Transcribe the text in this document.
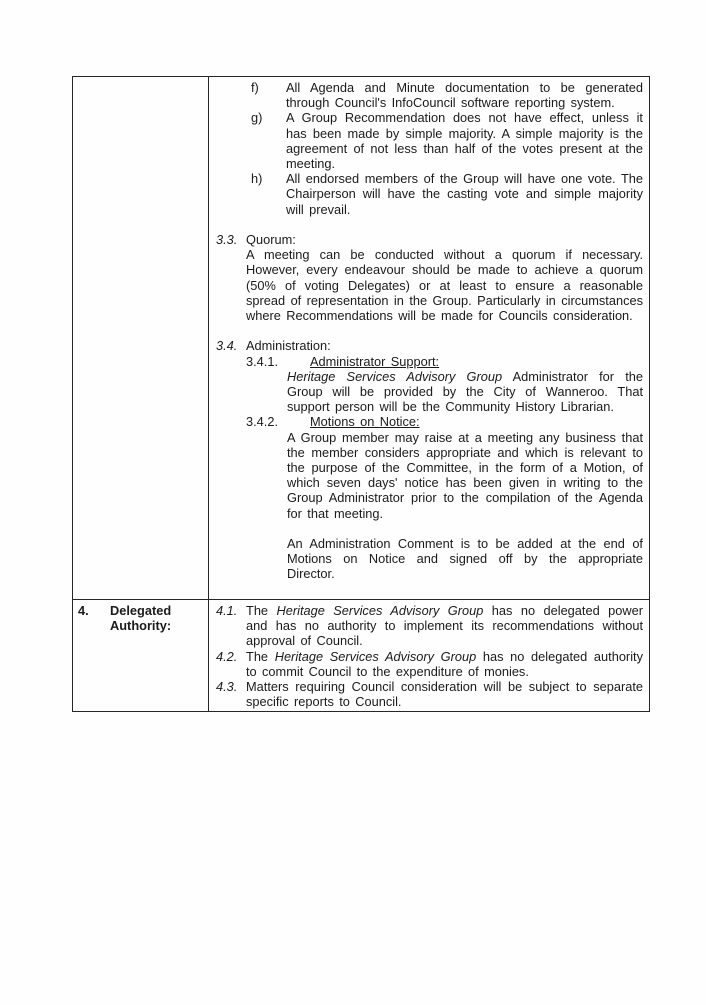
f) All Agenda and Minute documentation to be generated through Council's InfoCouncil software reporting system.
g) A Group Recommendation does not have effect, unless it has been made by simple majority. A simple majority is the agreement of not less than half of the votes present at the meeting.
h) All endorsed members of the Group will have one vote. The Chairperson will have the casting vote and simple majority will prevail.
3.3. Quorum:
A meeting can be conducted without a quorum if necessary. However, every endeavour should be made to achieve a quorum (50% of voting Delegates) or at least to ensure a reasonable spread of representation in the Group. Particularly in circumstances where Recommendations will be made for Councils consideration.
3.4. Administration:
3.4.1. Administrator Support:
Heritage Services Advisory Group Administrator for the Group will be provided by the City of Wanneroo. That support person will be the Community History Librarian.
3.4.2. Motions on Notice:
A Group member may raise at a meeting any business that the member considers appropriate and which is relevant to the purpose of the Committee, in the form of a Motion, of which seven days' notice has been given in writing to the Group Administrator prior to the compilation of the Agenda for that meeting.
An Administration Comment is to be added at the end of Motions on Notice and signed off by the appropriate Director.

4. Delegated Authority:

4.1. The Heritage Services Advisory Group has no delegated power and has no authority to implement its recommendations without approval of Council.
4.2. The Heritage Services Advisory Group has no delegated authority to commit Council to the expenditure of monies.
4.3. Matters requiring Council consideration will be subject to separate specific reports to Council.
